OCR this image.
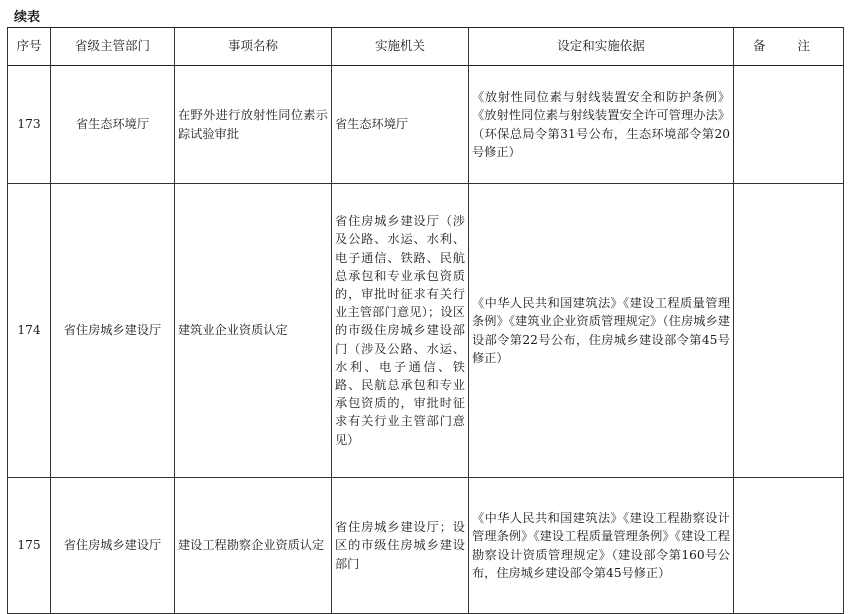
续表
序号	省级主管部门	事项名称	实施机关	设定和实施依据	备 注
173	省生态环境厅	在野外进行放射性同位素示踪试验审批	省生态环境厅	《放射性同位素与射线装置安全和防护条例》《放射性同位素与射线装置安全许可管理办法》（环保总局令第31号公布，生态环境部令第20号修正）	
174	省住房城乡建设厅	建筑业企业资质认定	省住房城乡建设厅（涉及公路、水运、水利、电子通信、铁路、民航总承包和专业承包资质的，审批时征求有关行业主管部门意见）；设区的市级住房城乡建设部门（涉及公路、水运、水利、电子通信、铁路、民航总承包和专业承包资质的，审批时征求有关行业主管部门意见）	《中华人民共和国建筑法》《建设工程质量管理条例》《建筑业企业资质管理规定》（住房城乡建设部令第22号公布，住房城乡建设部令第45号修正）	
175	省住房城乡建设厅	建设工程勘察企业资质认定	省住房城乡建设厅；设区的市级住房城乡建设部门	《中华人民共和国建筑法》《建设工程勘察设计管理条例》《建设工程质量管理条例》《建设工程勘察设计资质管理规定》（建设部令第160号公布，住房城乡建设部令第45号修正）	
